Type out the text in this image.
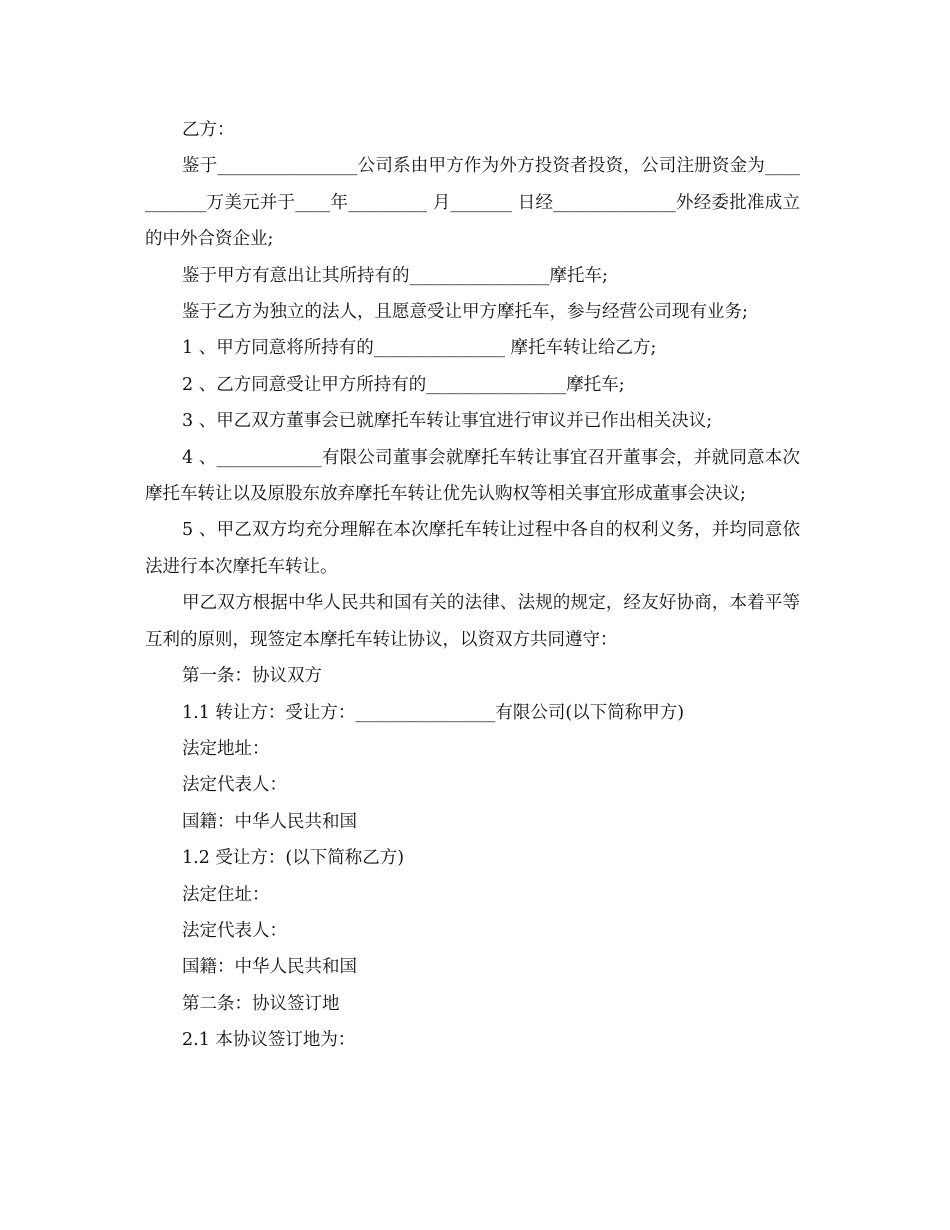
乙方：

鉴于________________公司系由甲方作为外方投资者投资，公司注册资金为___________万美元并于____年_________ 月_______ 日经______________外经委批准成立的中外合资企业;

鉴于甲方有意出让其所持有的________________摩托车;

鉴于乙方为独立的法人，且愿意受让甲方摩托车，参与经营公司现有业务;

1 、甲方同意将所持有的_______________ 摩托车转让给乙方;

2 、乙方同意受让甲方所持有的________________摩托车;

3 、甲乙双方董事会已就摩托车转让事宜进行审议并已作出相关决议;

4 、____________有限公司董事会就摩托车转让事宜召开董事会，并就同意本次摩托车转让以及原股东放弃摩托车转让优先认购权等相关事宜形成董事会决议;

5 、甲乙双方均充分理解在本次摩托车转让过程中各自的权利义务，并均同意依法进行本次摩托车转让。

甲乙双方根据中华人民共和国有关的法律、法规的规定，经友好协商，本着平等互利的原则，现签定本摩托车转让协议，以资双方共同遵守：

第一条：协议双方

1.1 转让方：受让方：________________有限公司(以下简称甲方)

法定地址：

法定代表人：

国籍：中华人民共和国

1.2 受让方：(以下简称乙方)

法定住址：

法定代表人：

国籍：中华人民共和国

第二条：协议签订地

2.1 本协议签订地为：
